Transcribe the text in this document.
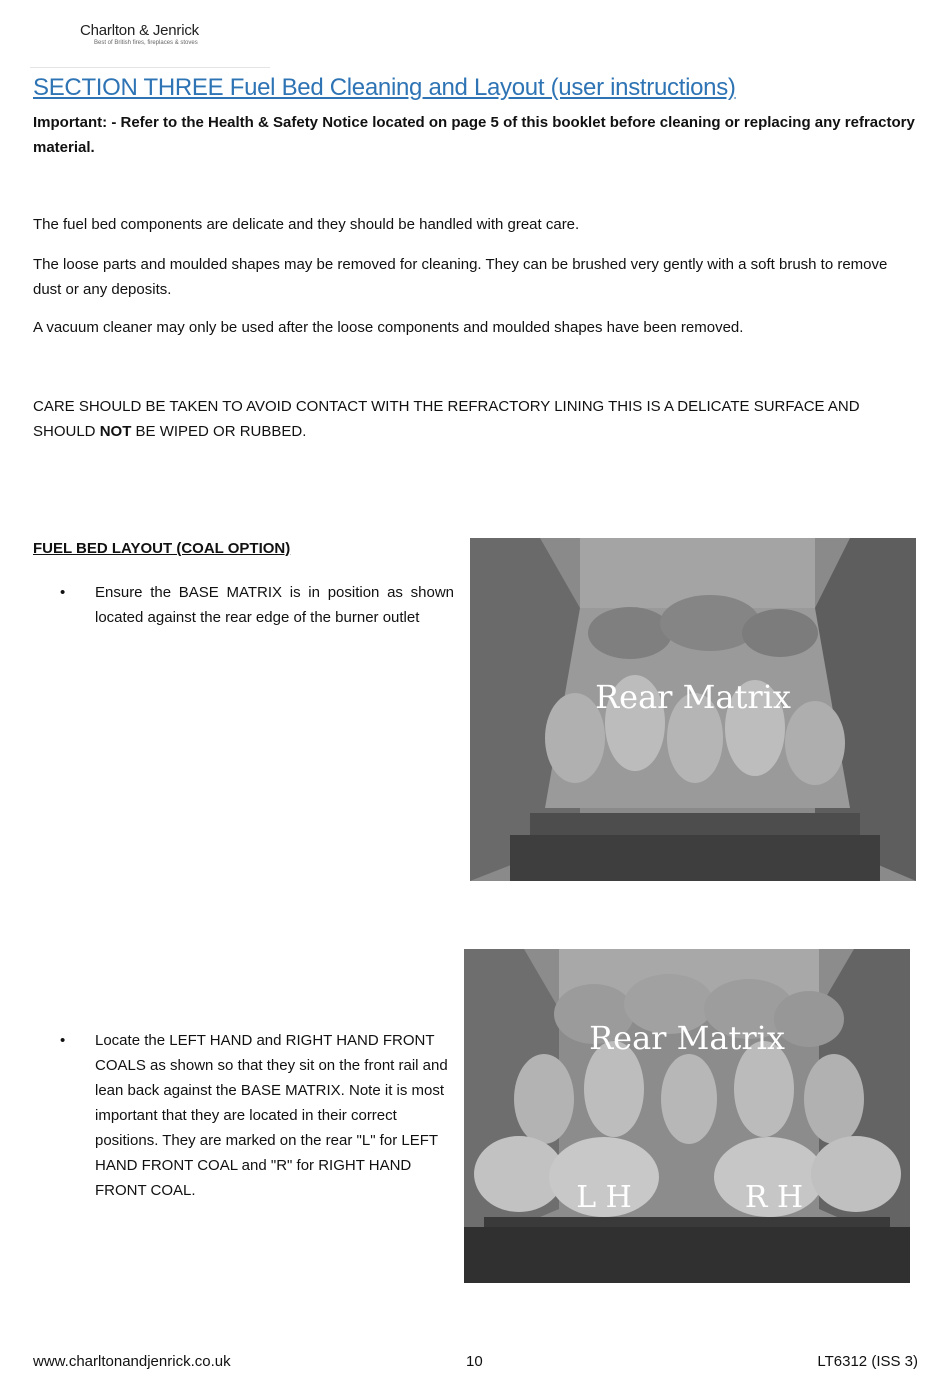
Charlton & Jenrick
Best of British fires, fireplaces & stoves
SECTION THREE Fuel Bed Cleaning and Layout (user instructions)

Important: - Refer to the Health & Safety Notice located on page 5 of this booklet before cleaning or replacing any refractory material.

The fuel bed components are delicate and they should be handled with great care.

The loose parts and moulded shapes may be removed for cleaning. They can be brushed very gently with a soft brush to remove dust or any deposits.

A vacuum cleaner may only be used after the loose components and moulded shapes have been removed.

CARE SHOULD BE TAKEN TO AVOID CONTACT WITH THE REFRACTORY LINING THIS IS A DELICATE SURFACE AND SHOULD NOT BE WIPED OR RUBBED.

FUEL BED LAYOUT (COAL OPTION)
• Ensure the BASE MATRIX is in position as shown located against the rear edge of the burner outlet
• Locate the LEFT HAND and RIGHT HAND FRONT COALS as shown so that they sit on the front rail and lean back against the BASE MATRIX. Note it is most important that they are located in their correct positions. They are marked on the rear "L" for LEFT HAND FRONT COAL and "R" for RIGHT HAND FRONT COAL.
Rear Matrix
Rear Matrix
L H	R H
www.charltonandjenrick.co.uk	10	LT6312 (ISS 3)
